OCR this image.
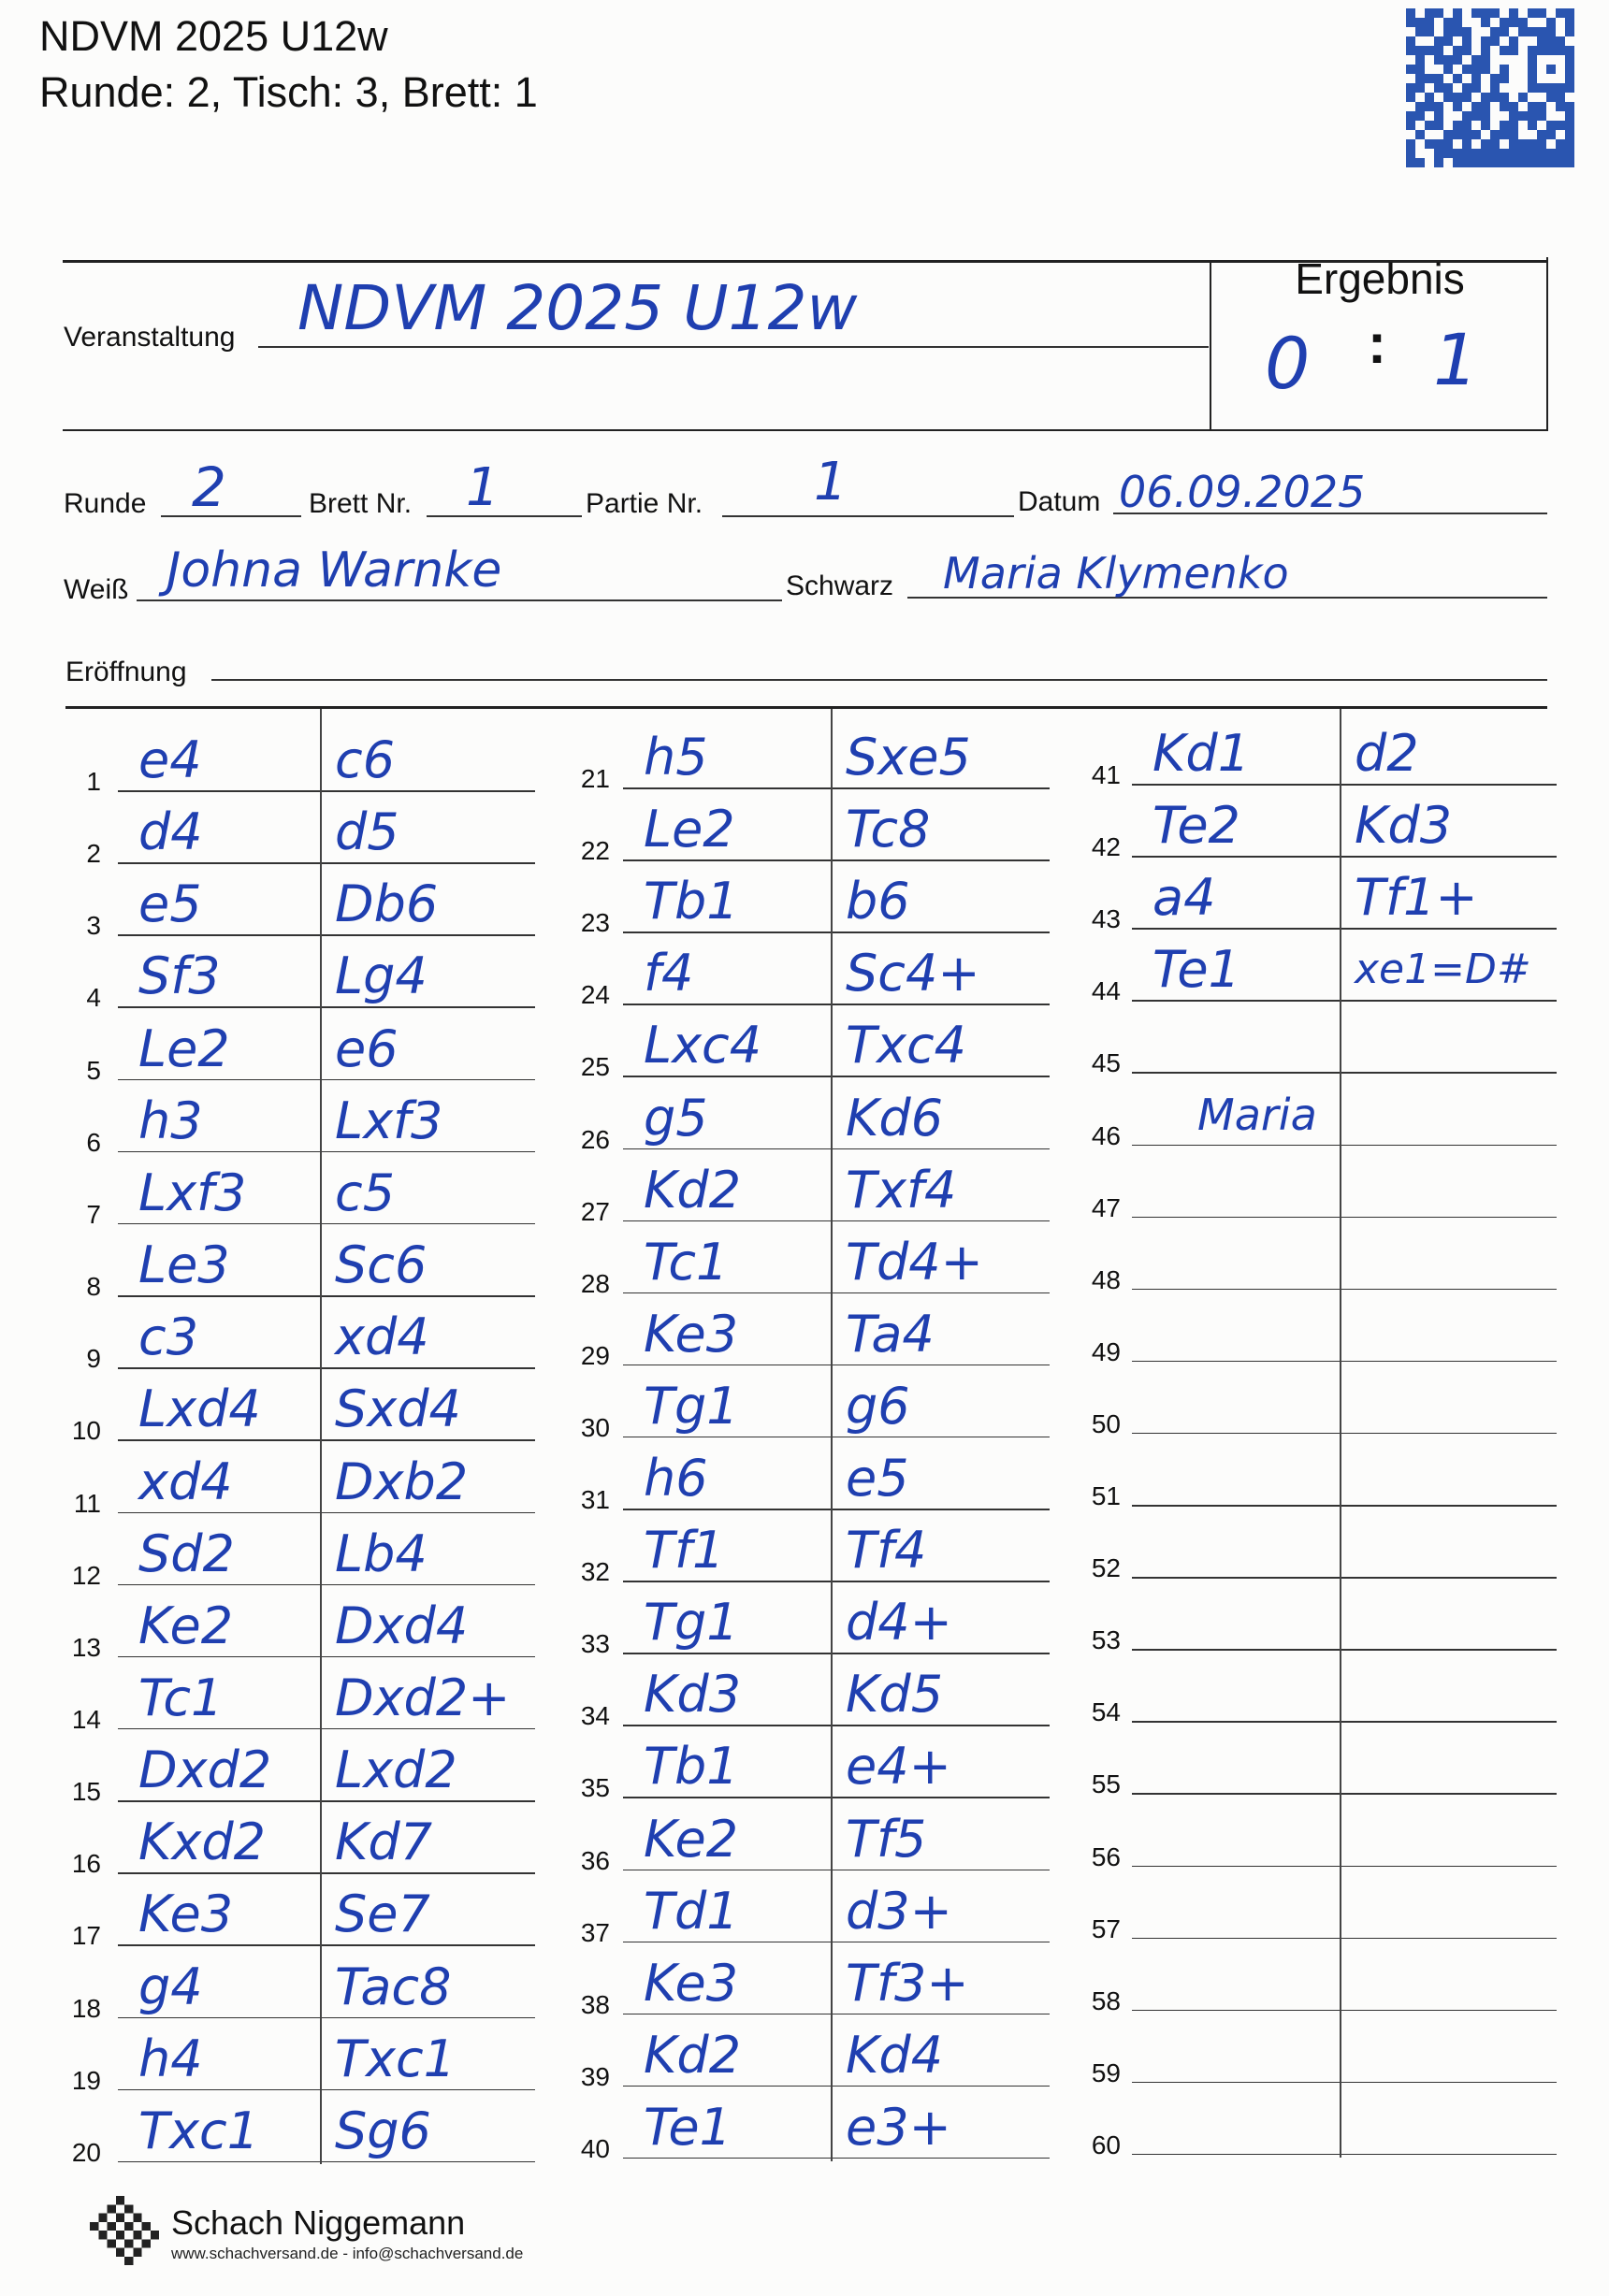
NDVM 2025 U12w
Runde: 2, Tisch: 3, Brett: 1
Veranstaltung NDVM 2025 U12w	Ergebnis
0 : 1
Runde 2	Brett Nr. 1	Partie Nr. 1	Datum 06.09.2025
Weiß Johna Warnke	Schwarz Maria Klymenko
Eröffnung
1 e4	c6
2 d4	d5
3 e5	Db6
4 Sf3 Lg4
5 Le2 e6
6 h3	Lxf3
7 Lxf3 c5
8 Le3 Sc6
9 c3	xd4
10 Lxd4 Sxd4
11 xd4 Dxb2
12 Sd2 Lb4
13 Ke2 Dxd4
14 Tc1 Dxd2+
15 Dxd2 Lxd2
16 Kxd2 Kd7
17 Ke3 Se7
18 g4	Tac8
19 h4	Txc1
20 Txc1 Sg6
21 h5	Sxe5
22 Le2 Tc8
23 Tb1 b6
24 f4	Sc4+
25 Lxc4 Txc4
26 g5	Kd6
27 Kd2 Txf4
28 Tc1 Td4+
29 Ke3 Ta4
30 Tg1 g6
31 h6	e5
32 Tf1 Tf4
33 Tg1 d4+
34 Kd3 Kd5
35 Tb1 e4+
36 Ke2 Tf5
37 Td1 d3+
38 Ke3 Tf3+
39 Kd2 Kd4
40 Te1 e3+
41 Kd1 d2
42 Te2 Kd3
43 a4	Tf1+
44 Te1	xe1=D#
45
46 Maria
47
48
49
50
51
52
53
54
55
56
57
58
59
60
Schach Niggemann
www.schachversand.de - info@schachversand.de
